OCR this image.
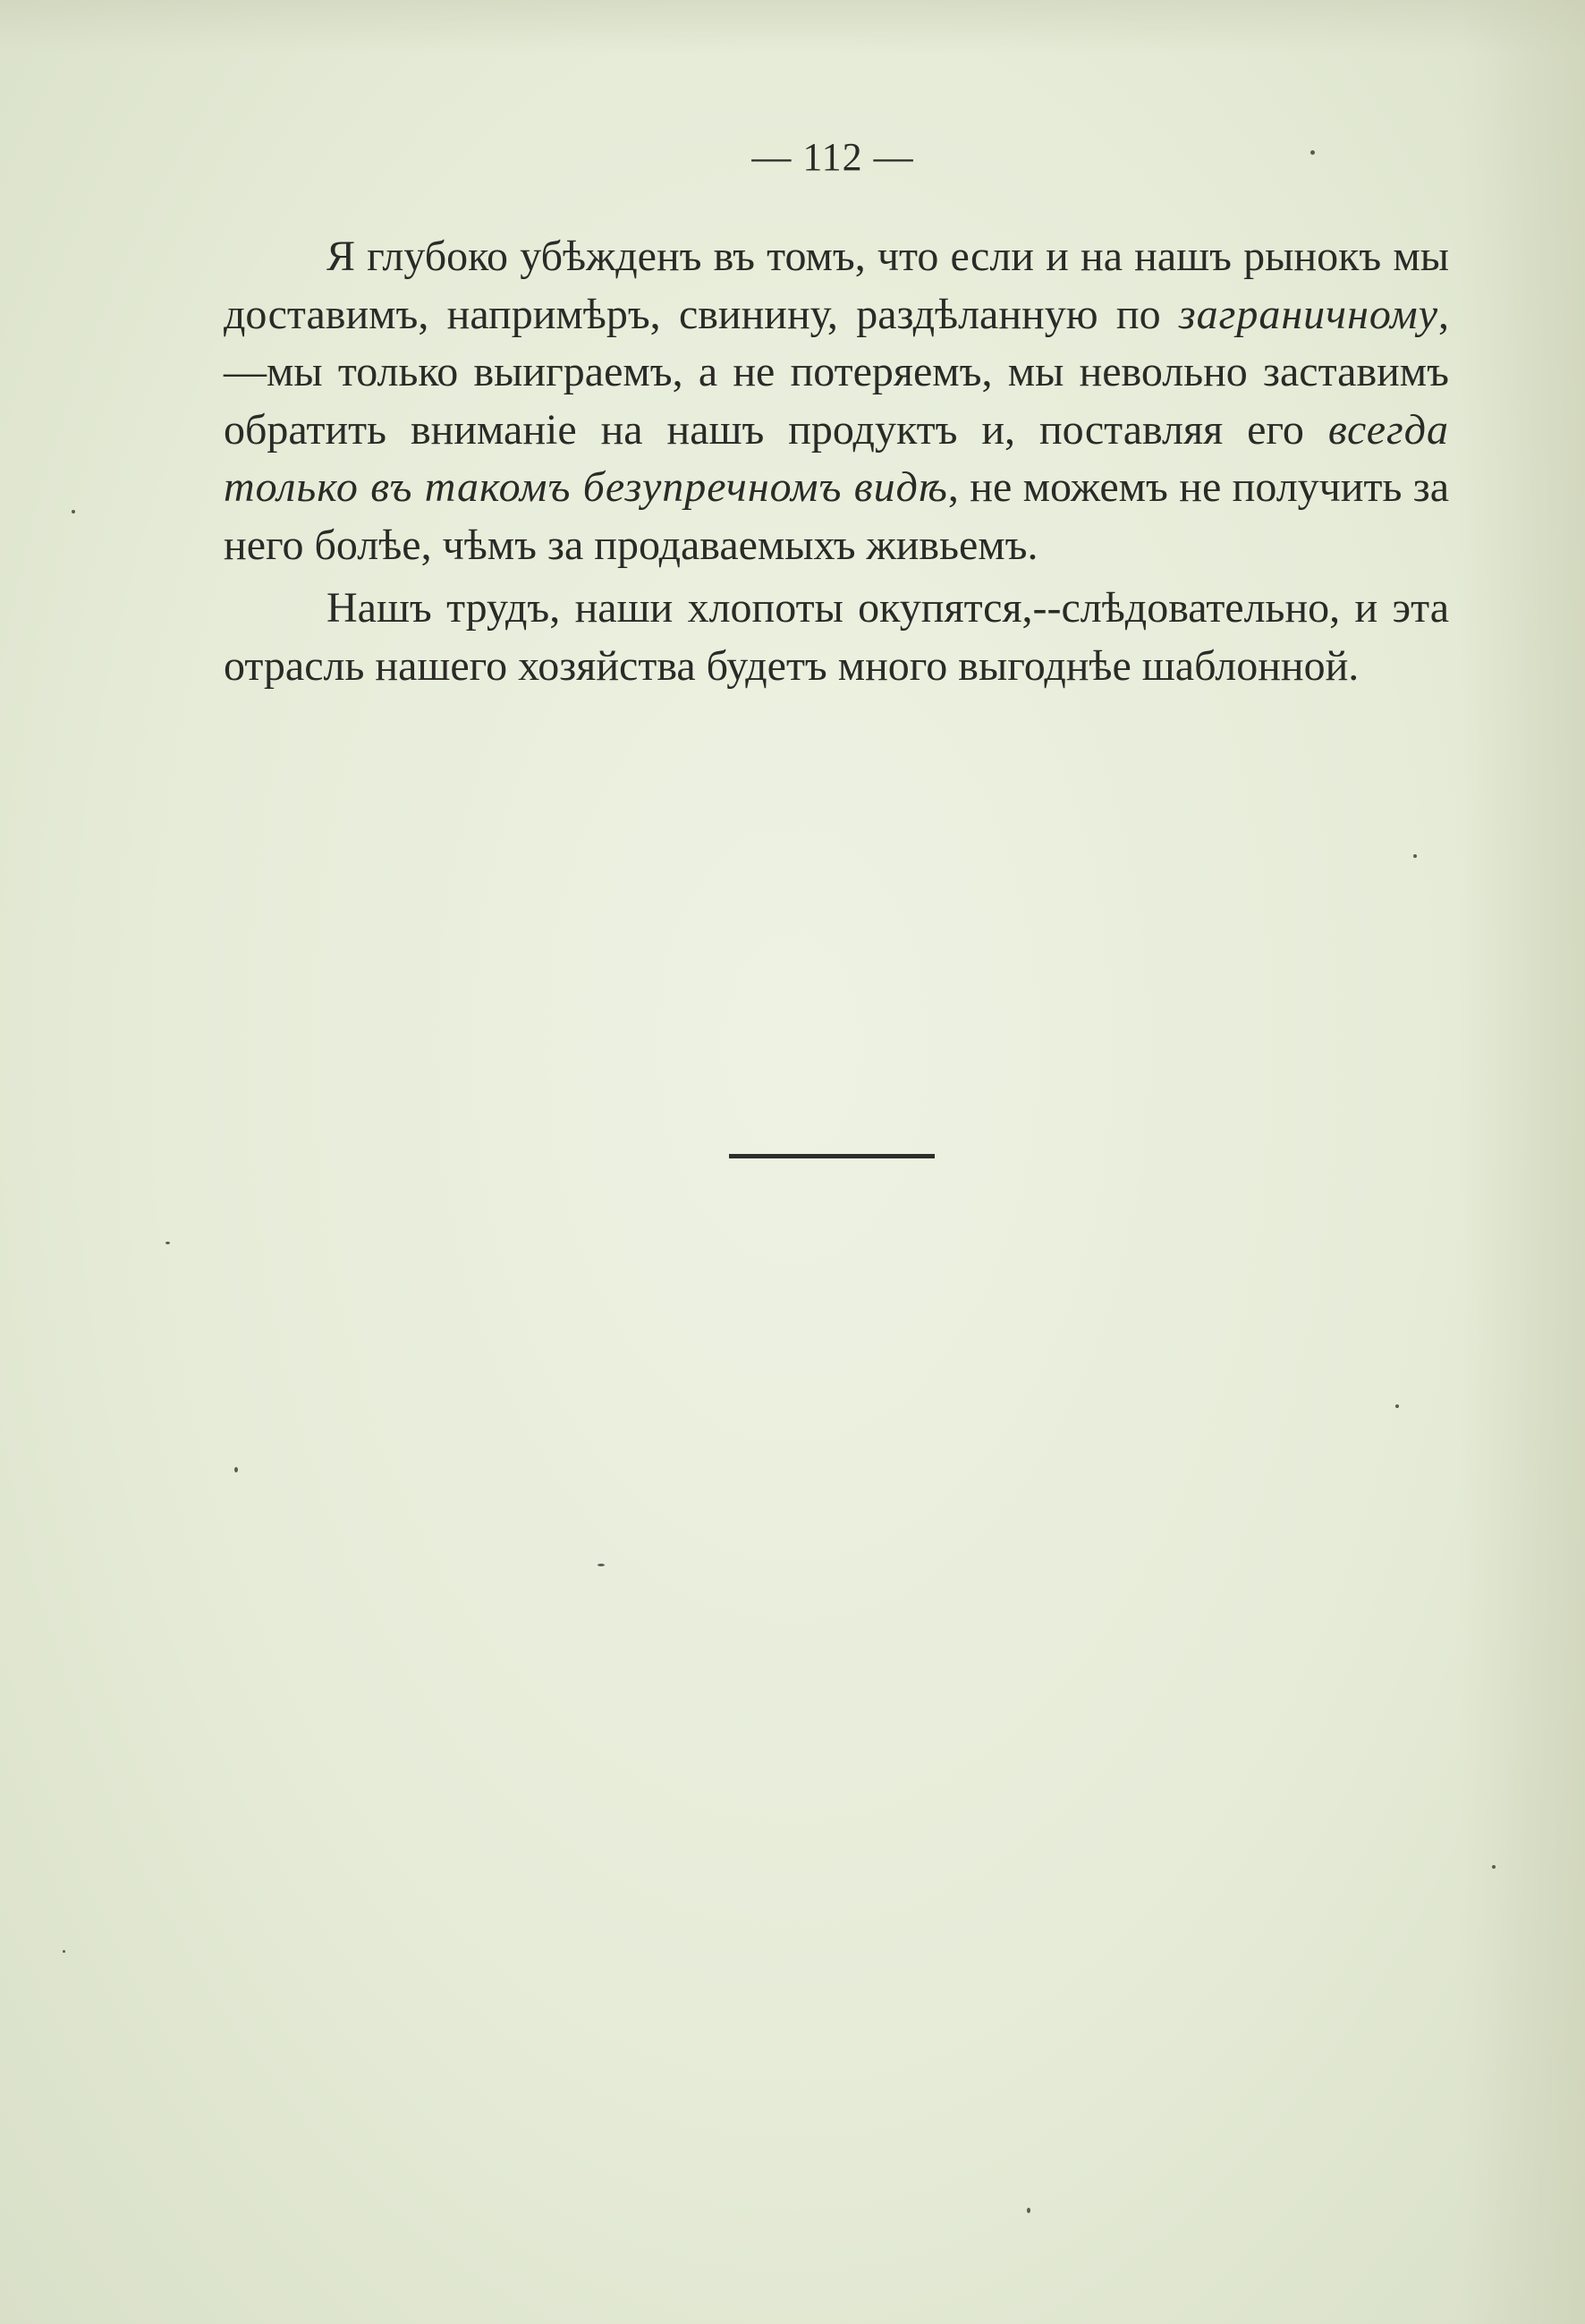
— 112 —

Я глубоко убѣжденъ въ томъ, что если и на нашъ рынокъ мы доставимъ, напримѣръ, свинину, раздѣланную по заграничному,—мы только выиграемъ, а не потеряемъ, мы невольно заставимъ обратить вниманіе на нашъ продуктъ и, поставляя его всегда только въ такомъ безупречномъ видѣ, не можемъ не получить за него болѣе, чѣмъ за продаваемыхъ живьемъ.

Нашъ трудъ, наши хлопоты окупятся,--слѣдовательно, и эта отрасль нашего хозяйства будетъ много выгоднѣе шаблонной.
